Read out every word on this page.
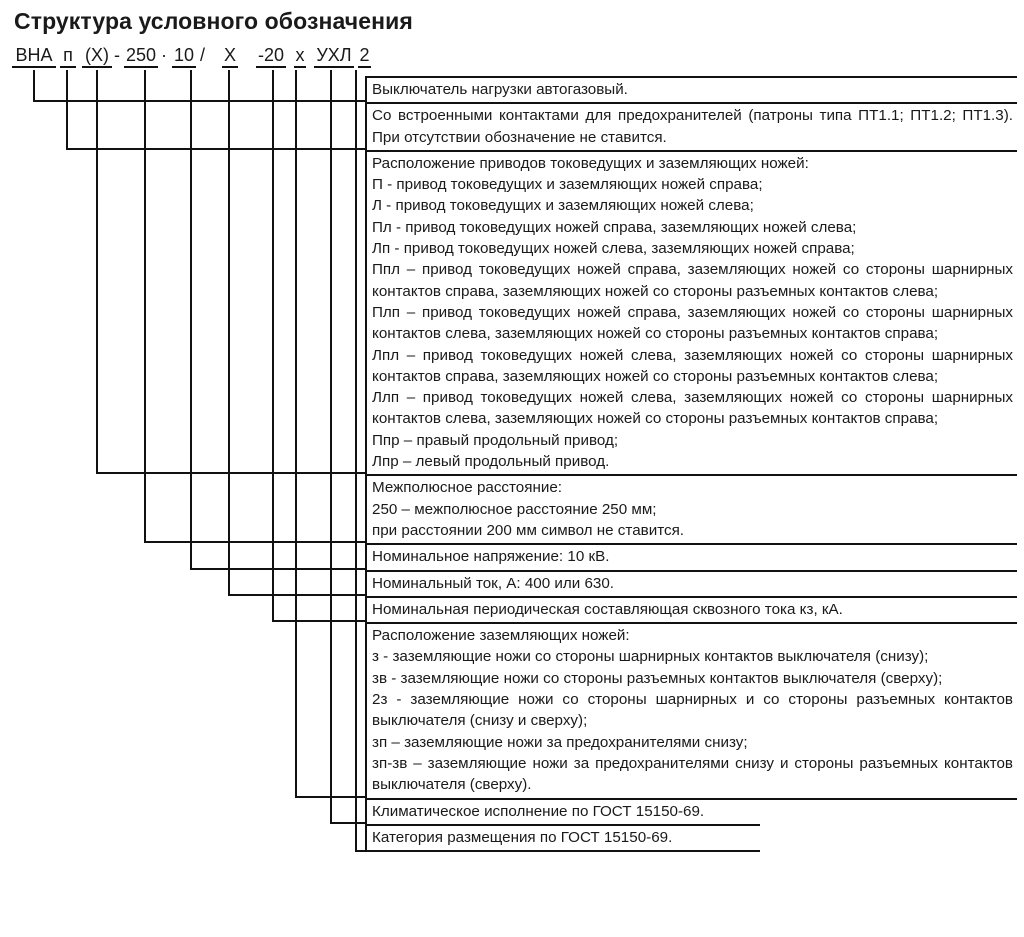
Структура условного обозначения
ВНА п (X) 250 10 X -20 x УХЛ 2
- · /

Выключатель нагрузки автогазовый.

Со встроенными контактами для предохранителей (патроны типа ПТ1.1; ПТ1.2; ПТ1.3). При отсутствии обозначение не ставится.

Расположение приводов токоведущих и заземляющих ножей:

П - привод токоведущих и заземляющих ножей справа;

Л - привод токоведущих и заземляющих ножей слева;

Пл - привод токоведущих ножей справа, заземляющих ножей слева;

Лп - привод токоведущих ножей слева, заземляющих ножей справа;

Ппл – привод токоведущих ножей справа, заземляющих ножей со стороны шарнирных контактов справа, заземляющих ножей со стороны разъемных контактов слева;

Плп – привод токоведущих ножей справа, заземляющих ножей со стороны шарнирных контактов слева, заземляющих ножей со стороны разъемных контактов справа;

Лпл – привод токоведущих ножей слева, заземляющих ножей со стороны шарнирных контактов справа, заземляющих ножей со стороны разъемных контактов слева;

Ллп – привод токоведущих ножей слева, заземляющих ножей со стороны шарнирных контактов слева, заземляющих ножей со стороны разъемных контактов справа;

Ппр – правый продольный привод;

Лпр – левый продольный привод.

Межполюсное расстояние:

250 – межполюсное расстояние 250 мм;

при расстоянии 200 мм символ не ставится.

Номинальное напряжение: 10 кВ.

Номинальный ток, А: 400 или 630.

Номинальная периодическая составляющая сквозного тока кз, кА.

Расположение заземляющих ножей:

з - заземляющие ножи со стороны шарнирных контактов выключателя (снизу);

зв - заземляющие ножи со стороны разъемных контактов выключателя (сверху);

2з - заземляющие ножи со стороны шарнирных и со стороны разъемных контактов выключателя (снизу и сверху);

зп – заземляющие ножи за предохранителями снизу;

зп-зв – заземляющие ножи за предохранителями снизу и стороны разъемных контактов выключателя (сверху).

Климатическое исполнение по ГОСТ 15150-69.

Категория размещения по ГОСТ 15150-69.
